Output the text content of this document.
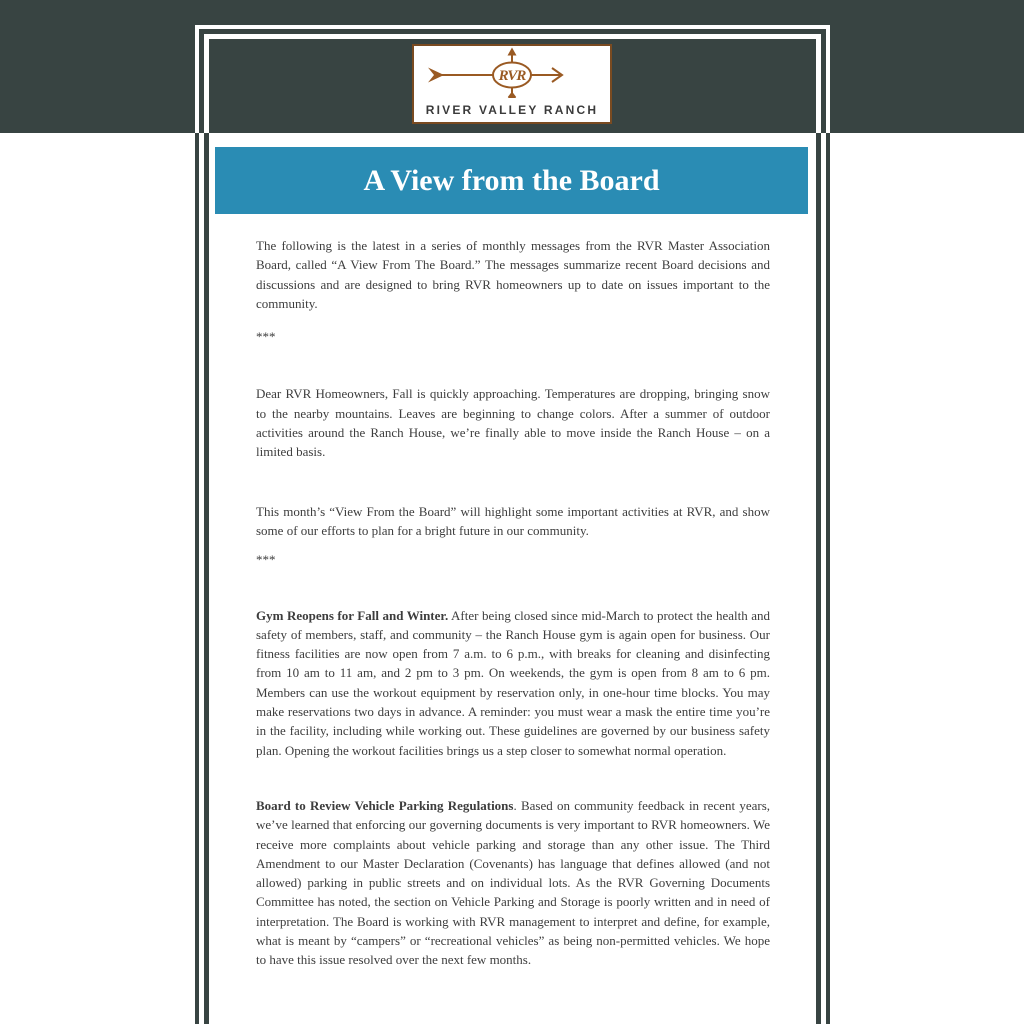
RVR
RIVER VALLEY RANCH
A View from the Board

The following is the latest in a series of monthly messages from the RVR Master Association Board, called “A View From The Board.” The messages summarize recent Board decisions and discussions and are designed to bring RVR homeowners up to date on issues important to the community.

***

Dear RVR Homeowners, Fall is quickly approaching. Temperatures are dropping, bringing snow to the nearby mountains. Leaves are beginning to change colors. After a summer of outdoor activities around the Ranch House, we’re finally able to move inside the Ranch House – on a limited basis.

This month’s “View From the Board” will highlight some important activities at RVR, and show some of our efforts to plan for a bright future in our community.

***

Gym Reopens for Fall and Winter. After being closed since mid-March to protect the health and safety of members, staff, and community – the Ranch House gym is again open for business. Our fitness facilities are now open from 7 a.m. to 6 p.m., with breaks for cleaning and disinfecting from 10 am to 11 am, and 2 pm to 3 pm. On weekends, the gym is open from 8 am to 6 pm. Members can use the workout equipment by reservation only, in one-hour time blocks. You may make reservations two days in advance. A reminder: you must wear a mask the entire time you’re in the facility, including while working out. These guidelines are governed by our business safety plan. Opening the workout facilities brings us a step closer to somewhat normal operation.

Board to Review Vehicle Parking Regulations. Based on community feedback in recent years, we’ve learned that enforcing our governing documents is very important to RVR homeowners. We receive more complaints about vehicle parking and storage than any other issue. The Third Amendment to our Master Declaration (Covenants) has language that defines allowed (and not allowed) parking in public streets and on individual lots. As the RVR Governing Documents Committee has noted, the section on Vehicle Parking and Storage is poorly written and in need of interpretation. The Board is working with RVR management to interpret and define, for example, what is meant by “campers” or “recreational vehicles” as being non-permitted vehicles. We hope to have this issue resolved over the next few months.
